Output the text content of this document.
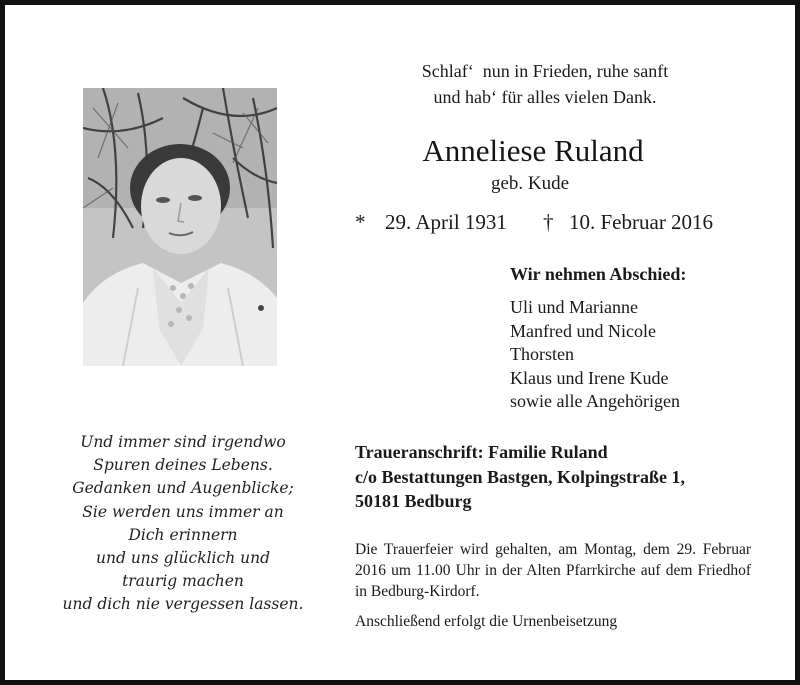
Und immer sind irgendwo
Spuren deines Lebens.
Gedanken und Augenblicke;
Sie werden uns immer an
Dich erinnern
und uns glücklich und
traurig machen
und dich nie vergessen lassen.
Schlaf‘  nun in Frieden, ruhe sanft
und hab‘ für alles vielen Dank.
Anneliese Ruland
geb. Kude
* 29. April 1931 † 10. Februar 2016
Wir nehmen Abschied:
Uli und Marianne
Manfred und Nicole
Thorsten
Klaus und Irene Kude
sowie alle Angehörigen
Traueranschrift: Familie Ruland
c/o Bestattungen Bastgen, Kolpingstraße 1,
50181 Bedburg
Die Trauerfeier wird gehalten, am Montag, dem 29. Februar 2016 um 11.00 Uhr in der Alten Pfarrkirche auf dem Friedhof in Bedburg-Kirdorf.
Anschließend erfolgt die Urnenbeisetzung
